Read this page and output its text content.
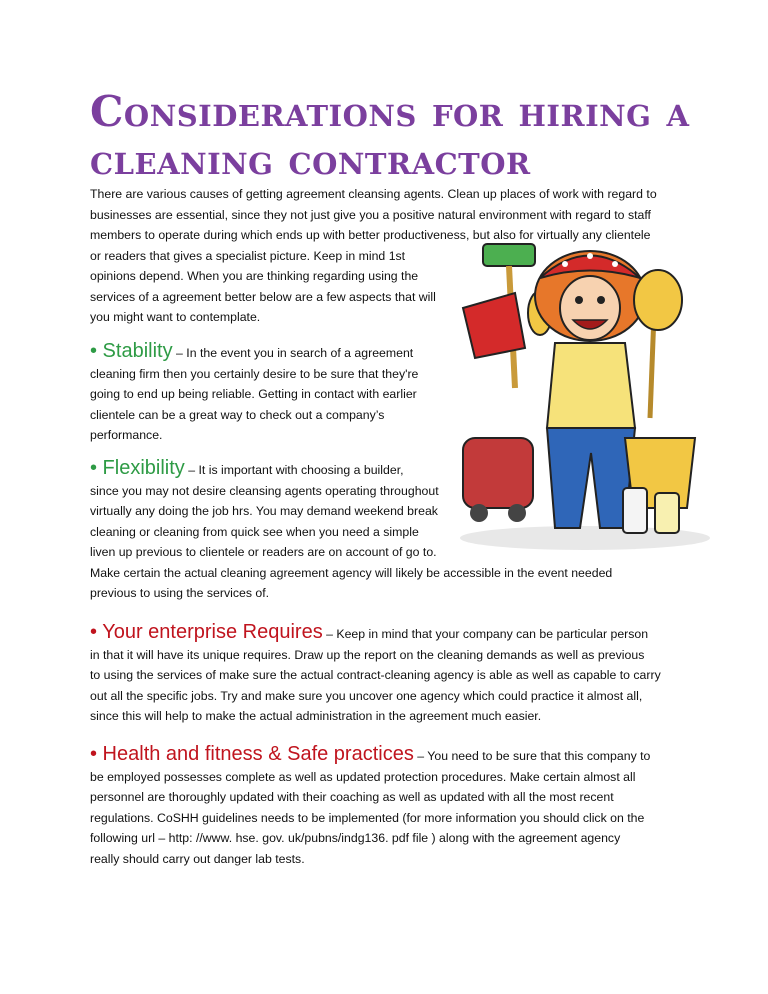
Considerations for hiring a
cleaning contractor
There are various causes of getting agreement cleansing agents. Clean up places of work with regard to
businesses are essential, since they not just give you a positive natural environment with regard to staff
members to operate during which ends up with better productiveness, but also for virtually any clientele
or readers that gives a specialist picture. Keep in mind 1st
opinions depend. When you are thinking regarding using the
services of a agreement better below are a few aspects that will
you might want to contemplate.
• Stability – In the event you in search of a agreement
cleaning firm then you certainly desire to be sure that they're
going to end up being reliable. Getting in contact with earlier
clientele can be a great way to check out a company’s
performance.
• Flexibility – It is important with choosing a builder,
since you may not desire cleansing agents operating throughout
virtually any doing the job hrs. You may demand weekend break
cleaning or cleaning from quick see when you need a simple
liven up previous to clientele or readers are on account of go to.
Make certain the actual cleaning agreement agency will likely be accessible in the event needed
previous to using the services of.
• Your enterprise Requires – Keep in mind that your company can be particular person
in that it will have its unique requires. Draw up the report on the cleaning demands as well as previous
to using the services of make sure the actual contract-cleaning agency is able as well as capable to carry
out all the specific jobs. Try and make sure you uncover one agency which could practice it almost all,
since this will help to make the actual administration in the agreement much easier.
• Health and fitness & Safe practices – You need to be sure that this company to
be employed possesses complete as well as updated protection procedures. Make certain almost all
personnel are thoroughly updated with their coaching as well as updated with all the most recent
regulations. CoSHH guidelines needs to be implemented (for more information you should click on the
following url – http: //www. hse. gov. uk/pubns/indg136. pdf file ) along with the agreement agency
really should carry out danger lab tests.
